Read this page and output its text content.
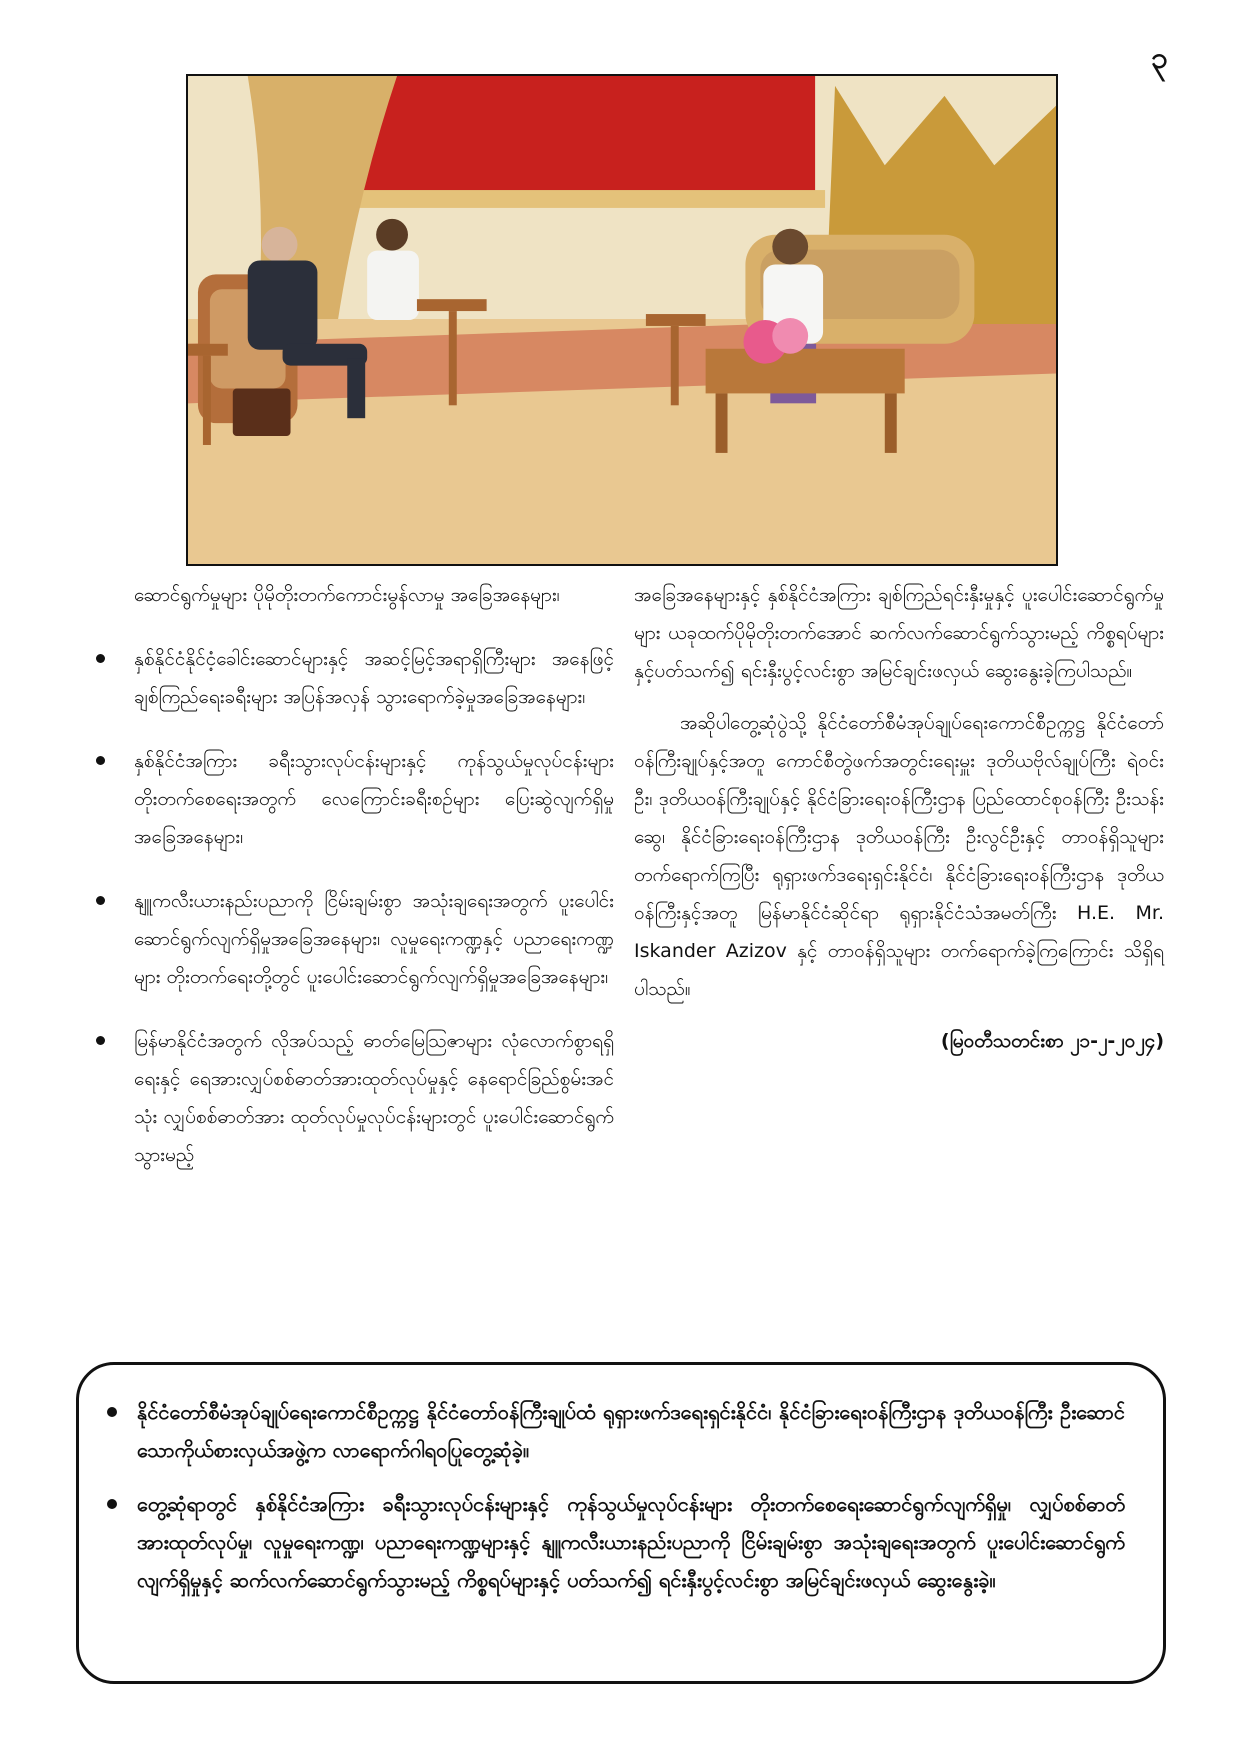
၃

ဆောင်ရွက်မှုများ ပိုမိုတိုးတက်ကောင်းမွန်လာမှု အခြေအနေများ၊

နှစ်နိုင်ငံနိုင်ငံ့ခေါင်းဆောင်များနှင့် အဆင့်မြင့်အရာရှိကြီးများ အနေဖြင့် ချစ်ကြည်ရေးခရီးများ အပြန်အလှန် သွားရောက်ခဲ့မှုအခြေအနေများ၊
နှစ်နိုင်ငံအကြား ခရီးသွားလုပ်ငန်းများနှင့် ကုန်သွယ်မှုလုပ်ငန်းများ တိုးတက်စေရေးအတွက် လေကြောင်းခရီးစဉ်များ ပြေးဆွဲလျက်ရှိမှုအခြေအနေများ၊
နျူကလီးယားနည်းပညာကို ငြိမ်းချမ်းစွာ အသုံးချရေးအတွက် ပူးပေါင်းဆောင်ရွက်လျက်ရှိမှုအခြေအနေများ၊ လူမှုရေးကဏ္ဍနှင့် ပညာရေးကဏ္ဍများ တိုးတက်ရေးတို့တွင် ပူးပေါင်းဆောင်ရွက်လျက်ရှိမှုအခြေအနေများ၊
မြန်မာနိုင်ငံအတွက် လိုအပ်သည့် ဓာတ်မြေသြဇာများ လုံလောက်စွာရရှိရေးနှင့် ရေအားလျှပ်စစ်ဓာတ်အားထုတ်လုပ်မှုနှင့် နေရောင်ခြည်စွမ်းအင်သုံး လျှပ်စစ်ဓာတ်အား ထုတ်လုပ်မှုလုပ်ငန်းများတွင် ပူးပေါင်းဆောင်ရွက်သွားမည့်

အခြေအနေများနှင့် နှစ်နိုင်ငံအကြား ချစ်ကြည်ရင်းနှီးမှုနှင့် ပူးပေါင်းဆောင်ရွက်မှုများ ယခုထက်ပိုမိုတိုးတက်အောင် ဆက်လက်ဆောင်ရွက်သွားမည့် ကိစ္စရပ်များနှင့်ပတ်သက်၍ ရင်းနှီးပွင့်လင်းစွာ အမြင်ချင်းဖလှယ် ဆွေးနွေးခဲ့ကြပါသည်။

အဆိုပါတွေ့ဆုံပွဲသို့ နိုင်ငံတော်စီမံအုပ်ချုပ်ရေးကောင်စီဥက္ကဋ္ဌ နိုင်ငံတော်ဝန်ကြီးချုပ်နှင့်အတူ ကောင်စီတွဲဖက်အတွင်းရေးမှူး ဒုတိယဗိုလ်ချုပ်ကြီး ရဲဝင်းဦး၊ ဒုတိယဝန်ကြီးချုပ်နှင့် နိုင်ငံခြားရေးဝန်ကြီးဌာန ပြည်ထောင်စုဝန်ကြီး ဦးသန်းဆွေ၊ နိုင်ငံခြားရေးဝန်ကြီးဌာန ဒုတိယဝန်ကြီး ဦးလွင်ဦးနှင့် တာဝန်ရှိသူများ တက်ရောက်ကြပြီး ရုရှားဖက်ဒရေးရှင်းနိုင်ငံ၊ နိုင်ငံခြားရေးဝန်ကြီးဌာန ဒုတိယဝန်ကြီးနှင့်အတူ မြန်မာနိုင်ငံဆိုင်ရာ ရုရှားနိုင်ငံသံအမတ်ကြီး H.E. Mr. Iskander Azizov နှင့် တာဝန်ရှိသူများ တက်ရောက်ခဲ့ကြကြောင်း သိရှိရပါသည်။

(မြဝတီသတင်းစာ ၂၁-၂-၂၀၂၄)

နိုင်ငံတော်စီမံအုပ်ချုပ်ရေးကောင်စီဥက္ကဋ္ဌ နိုင်ငံတော်ဝန်ကြီးချုပ်ထံ ရုရှားဖက်ဒရေးရှင်းနိုင်ငံ၊ နိုင်ငံခြားရေးဝန်ကြီးဌာန ဒုတိယဝန်ကြီး ဦးဆောင်သောကိုယ်စားလှယ်အဖွဲ့က လာရောက်ဂါရဝပြုတွေ့ဆုံခဲ့။
တွေ့ဆုံရာတွင် နှစ်နိုင်ငံအကြား ခရီးသွားလုပ်ငန်းများနှင့် ကုန်သွယ်မှုလုပ်ငန်းများ တိုးတက်စေရေးဆောင်ရွက်လျက်ရှိမှု၊ လျှပ်စစ်ဓာတ်အားထုတ်လုပ်မှု၊ လူမှုရေးကဏ္ဍ၊ ပညာရေးကဏ္ဍများနှင့် နျူကလီးယားနည်းပညာကို ငြိမ်းချမ်းစွာ အသုံးချရေးအတွက် ပူးပေါင်းဆောင်ရွက်လျက်ရှိမှုနှင့် ဆက်လက်ဆောင်ရွက်သွားမည့် ကိစ္စရပ်များနှင့် ပတ်သက်၍ ရင်းနှီးပွင့်လင်းစွာ အမြင်ချင်းဖလှယ် ဆွေးနွေးခဲ့။
